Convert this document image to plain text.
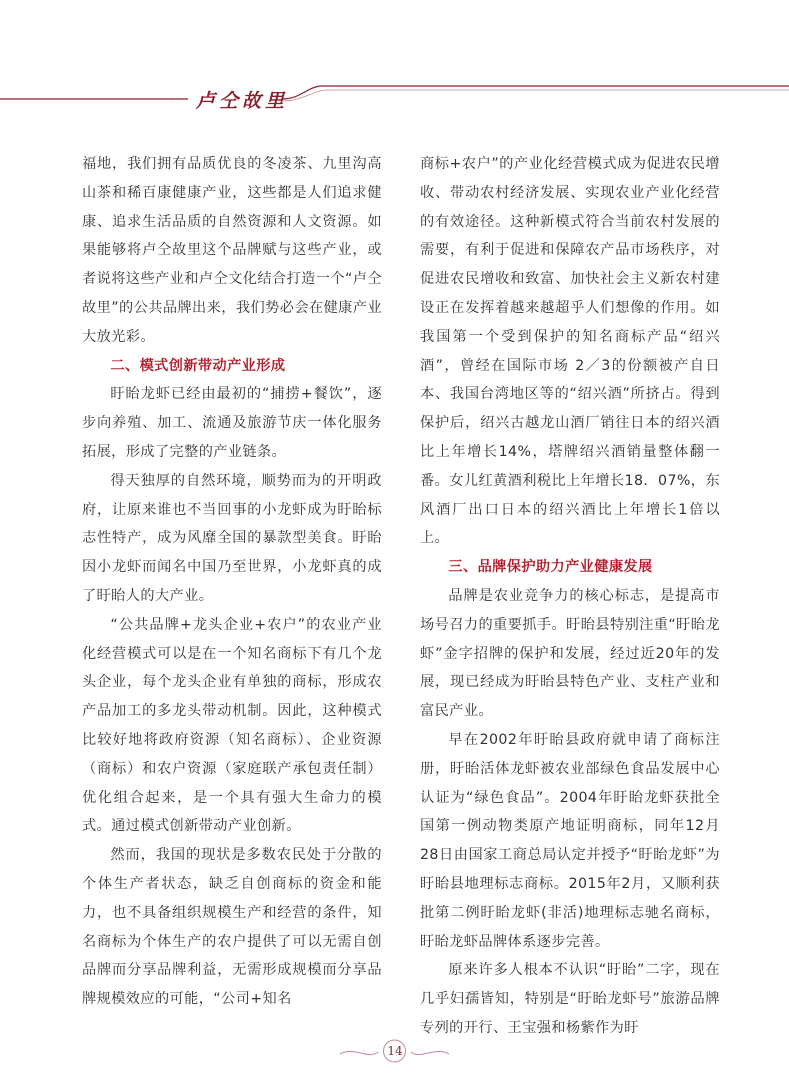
卢仝故里

福地，我们拥有品质优良的冬凌茶、九里沟高山茶和稀百康健康产业，这些都是人们追求健康、追求生活品质的自然资源和人文资源。如果能够将卢仝故里这个品牌赋与这些产业，或者说将这些产业和卢仝文化结合打造一个“卢仝故里”的公共品牌出来，我们势必会在健康产业大放光彩。

二、模式创新带动产业形成

盱眙龙虾已经由最初的“捕捞+餐饮”，逐步向养殖、加工、流通及旅游节庆一体化服务拓展，形成了完整的产业链条。

得天独厚的自然环境，顺势而为的开明政府，让原来谁也不当回事的小龙虾成为盱眙标志性特产，成为风靡全国的暴款型美食。盱眙因小龙虾而闻名中国乃至世界，小龙虾真的成了盱眙人的大产业。

“公共品牌+龙头企业+农户”的农业产业化经营模式可以是在一个知名商标下有几个龙头企业，每个龙头企业有单独的商标，形成农产品加工的多龙头带动机制。因此，这种模式比较好地将政府资源（知名商标）、企业资源（商标）和农户资源（家庭联产承包责任制）优化组合起来，是一个具有强大生命力的模式。通过模式创新带动产业创新。

然而，我国的现状是多数农民处于分散的个体生产者状态，缺乏自创商标的资金和能力，也不具备组织规模生产和经营的条件，知名商标为个体生产的农户提供了可以无需自创品牌而分享品牌利益，无需形成规模而分享品牌规模效应的可能，“公司+知名

商标+农户”的产业化经营模式成为促进农民增收、带动农村经济发展、实现农业产业化经营的有效途径。这种新模式符合当前农村发展的需要，有利于促进和保障农产品市场秩序，对促进农民增收和致富、加快社会主义新农村建设正在发挥着越来越超乎人们想像的作用。如我国第一个受到保护的知名商标产品“绍兴酒”，曾经在国际市场 2／3的份额被产自日本、我国台湾地区等的“绍兴酒”所挤占。得到保护后，绍兴古越龙山酒厂销往日本的绍兴酒比上年增长14%，塔牌绍兴酒销量整体翻一番。女儿红黄酒利税比上年增长18．07%，东风酒厂出口日本的绍兴酒比上年增长1倍以上。

三、品牌保护助力产业健康发展

品牌是农业竞争力的核心标志，是提高市场号召力的重要抓手。盱眙县特别注重“盱眙龙虾”金字招牌的保护和发展，经过近20年的发展，现已经成为盱眙县特色产业、支柱产业和富民产业。

早在2002年盱眙县政府就申请了商标注册，盱眙活体龙虾被农业部绿色食品发展中心认证为“绿色食品”。2004年盱眙龙虾获批全国第一例动物类原产地证明商标，同年12月28日由国家工商总局认定并授予“盱眙龙虾”为盱眙县地理标志商标。2015年2月，又顺利获批第二例盱眙龙虾(非活)地理标志驰名商标，盱眙龙虾品牌体系逐步完善。

原来许多人根本不认识“盱眙”二字，现在几乎妇孺皆知，特别是“盱眙龙虾号”旅游品牌专列的开行、王宝强和杨紫作为盱

14
